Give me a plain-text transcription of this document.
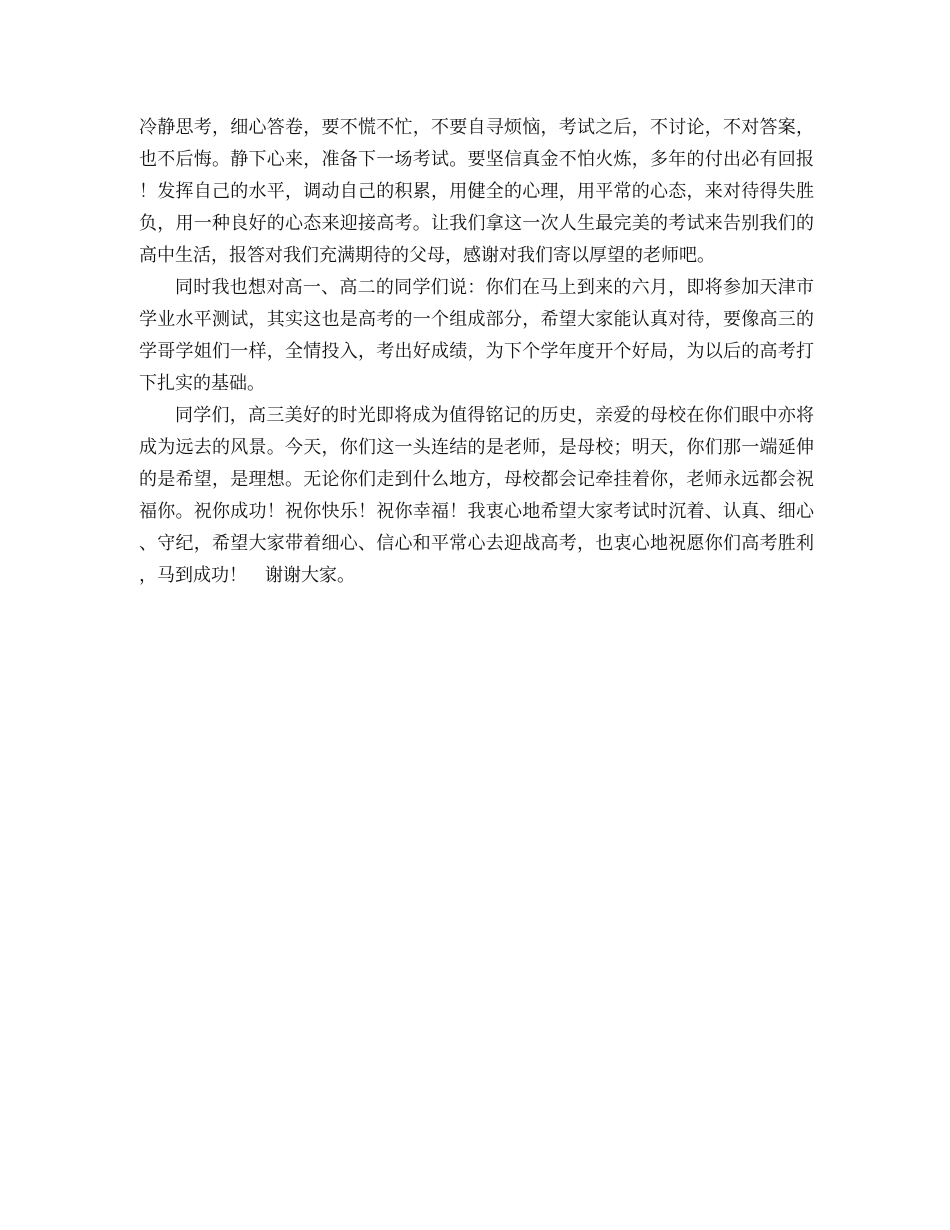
冷静思考，细心答卷，要不慌不忙，不要自寻烦恼，考试之后，不讨论，不对答案，也不后悔。静下心来，准备下一场考试。要坚信真金不怕火炼，多年的付出必有回报！发挥自己的水平，调动自己的积累，用健全的心理，用平常的心态，来对待得失胜负，用一种良好的心态来迎接高考。让我们拿这一次人生最完美的考试来告别我们的高中生活，报答对我们充满期待的父母，感谢对我们寄以厚望的老师吧。

同时我也想对高一、高二的同学们说：你们在马上到来的六月，即将参加天津市学业水平测试，其实这也是高考的一个组成部分，希望大家能认真对待，要像高三的学哥学姐们一样，全情投入，考出好成绩，为下个学年度开个好局，为以后的高考打下扎实的基础。

同学们，高三美好的时光即将成为值得铭记的历史，亲爱的母校在你们眼中亦将成为远去的风景。今天，你们这一头连结的是老师，是母校；明天，你们那一端延伸的是希望，是理想。无论你们走到什么地方，母校都会记牵挂着你，老师永远都会祝福你。祝你成功！祝你快乐！祝你幸福！我衷心地希望大家考试时沉着、认真、细心、守纪，希望大家带着细心、信心和平常心去迎战高考，也衷心地祝愿你们高考胜利，马到成功！　谢谢大家。
